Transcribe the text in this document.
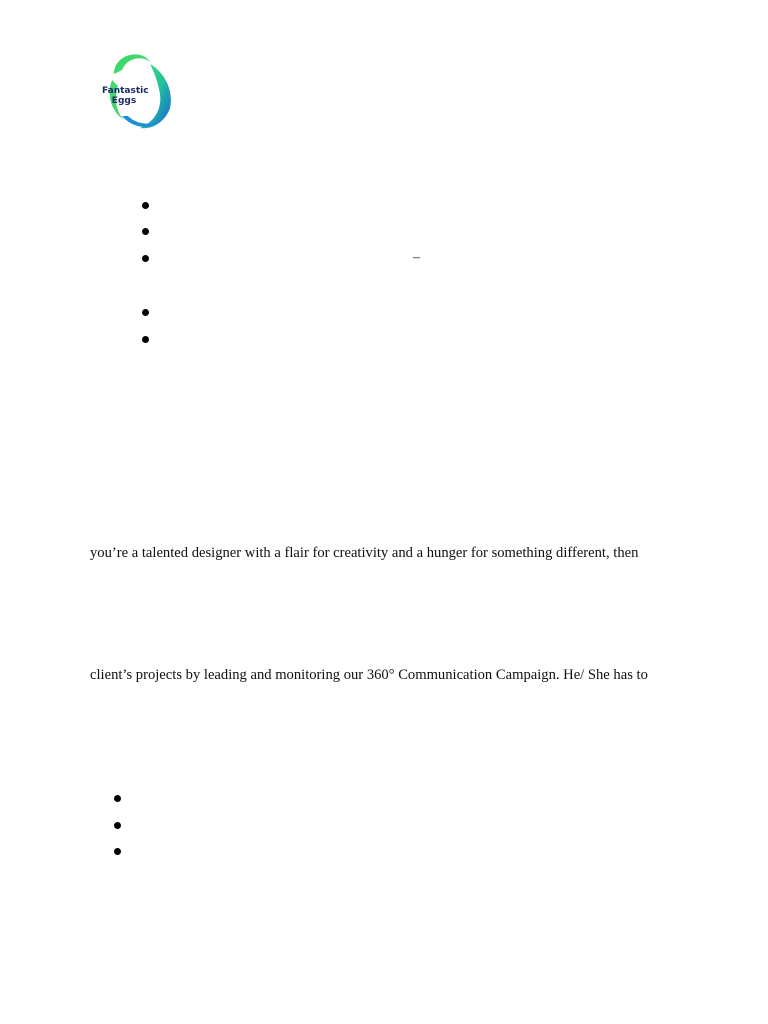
Fantastic
Eggs
–

you’re a talented designer with a flair for creativity and a hunger for something different, then

client’s projects by leading and monitoring our 360° Communication Campaign. He/ She has to
